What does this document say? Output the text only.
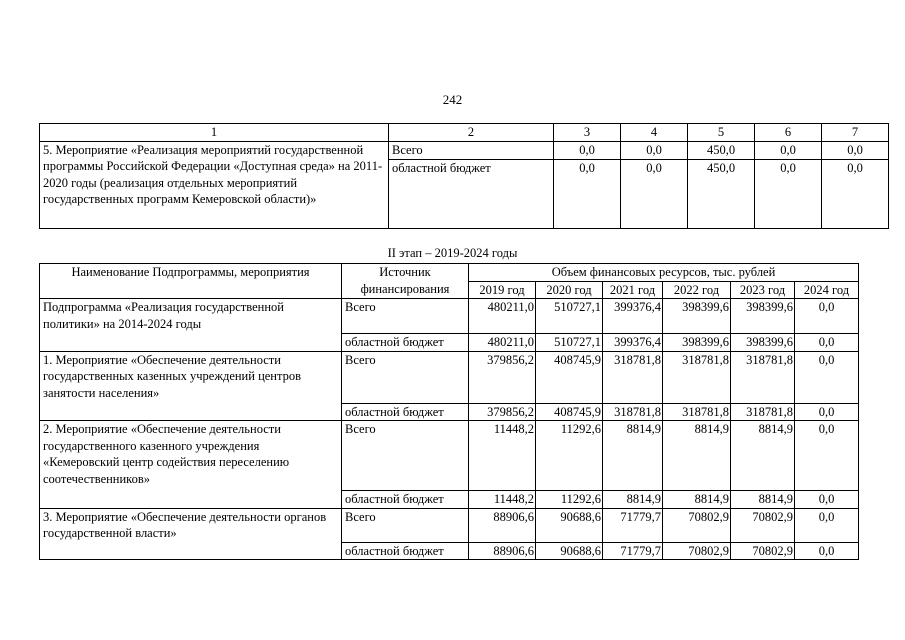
242
1	2	3	4	5	6	7
5. Мероприятие «Реализация мероприятий государственной программы Российской Федерации «Доступная среда» на 2011-2020 годы (реализация отдельных мероприятий государственных программ Кемеровской области)»	Всего	0,0	0,0	450,0	0,0	0,0
	областной бюджет	0,0	0,0	450,0	0,0	0,0
II этап – 2019-2024 годы
Наименование Подпрограммы, мероприятия	Источник финансирования	Объем финансовых ресурсов, тыс. рублей					
		2019 год	2020 год	2021 год	2022 год	2023 год	2024 год
Подпрограмма «Реализация государственной политики» на 2014-2024 годы	Всего	480211,0	510727,1	399376,4	398399,6	398399,6	0,0
	областной бюджет	480211,0	510727,1	399376,4	398399,6	398399,6	0,0
1. Мероприятие «Обеспечение деятельности государственных казенных учреждений центров занятости населения»	Всего	379856,2	408745,9	318781,8	318781,8	318781,8	0,0
	областной бюджет	379856,2	408745,9	318781,8	318781,8	318781,8	0,0
2. Мероприятие «Обеспечение деятельности государственного казенного учреждения «Кемеровский центр содействия переселению соотечественников»	Всего	11448,2	11292,6	8814,9	8814,9	8814,9	0,0
	областной бюджет	11448,2	11292,6	8814,9	8814,9	8814,9	0,0
3. Мероприятие «Обеспечение деятельности органов государственной власти»	Всего	88906,6	90688,6	71779,7	70802,9	70802,9	0,0
	областной бюджет	88906,6	90688,6	71779,7	70802,9	70802,9	0,0
